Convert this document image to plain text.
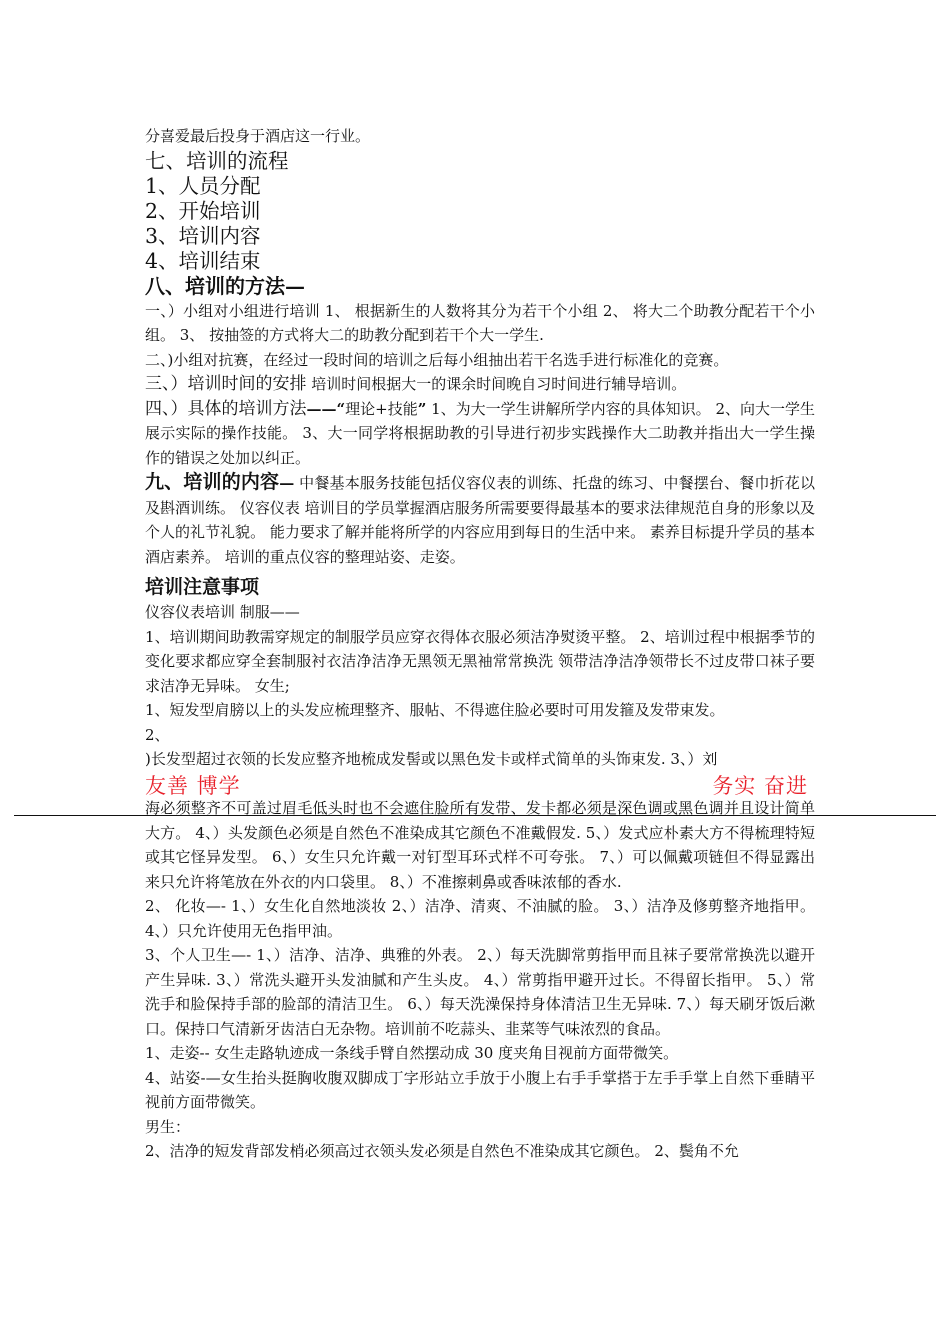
分喜爱最后投身于酒店这一行业。

七、培训的流程

1、人员分配

2、开始培训

3、培训内容

4、培训结束

八、培训的方法—

一、）小组对小组进行培训 1、 根据新生的人数将其分为若干个小组 2、 将大二个助教分配若干个小组。 3、 按抽签的方式将大二的助教分配到若干个大一学生.

二、)小组对抗赛，在经过一段时间的培训之后每小组抽出若干名选手进行标准化的竞赛。

三、）培训时间的安排 培训时间根据大一的课余时间晚自习时间进行辅导培训。

四、）具体的培训方法——“理论+技能” 1、为大一学生讲解所学内容的具体知识。 2、向大一学生展示实际的操作技能。 3、大一同学将根据助教的引导进行初步实践操作大二助教并指出大一学生操作的错误之处加以纠正。

九、培训的内容— 中餐基本服务技能包括仪容仪表的训练、托盘的练习、中餐摆台、餐巾折花以及斟酒训练。 仪容仪表 培训目的学员掌握酒店服务所需要要得最基本的要求法律规范自身的形象以及个人的礼节礼貌。 能力要求了解并能将所学的内容应用到每日的生活中来。 素养目标提升学员的基本酒店素养。 培训的重点仪容的整理站姿、走姿。

培训注意事项

仪容仪表培训 制服——

1、培训期间助教需穿规定的制服学员应穿衣得体衣服必须洁净熨烫平整。 2、培训过程中根据季节的变化要求都应穿全套制服衬衣洁净洁净无黑领无黑袖常常换洗 领带洁净洁净领带长不过皮带口袜子要求洁净无异味。 女生;

1、短发型肩膀以上的头发应梳理整齐、服帖、不得遮住脸必要时可用发箍及发带束发。

2、

)长发型超过衣领的长发应整齐地梳成发髻或以黑色发卡或样式简单的头饰束发. 3、）刘

友善 博学	务实 奋进

海必须整齐不可盖过眉毛低头时也不会遮住脸所有发带、发卡都必须是深色调或黑色调并且设计简单大方。 4、）头发颜色必须是自然色不准染成其它颜色不准戴假发. 5、）发式应朴素大方不得梳理特短或其它怪异发型。 6、）女生只允许戴一对钉型耳环式样不可夸张。 7、）可以佩戴项链但不得显露出来只允许将笔放在外衣的内口袋里。 8、）不准擦刺鼻或香味浓郁的香水.

2、 化妆—- 1、）女生化自然地淡妆 2、）洁净、清爽、不油腻的脸。 3、）洁净及修剪整齐地指甲。 4、）只允许使用无色指甲油。

3、个人卫生—- 1、）洁净、洁净、典雅的外表。 2、）每天洗脚常剪指甲而且袜子要常常换洗以避开产生异味. 3、）常洗头避开头发油腻和产生头皮。 4、）常剪指甲避开过长。不得留长指甲。 5、）常洗手和脸保持手部的脸部的清洁卫生。 6、）每天洗澡保持身体清洁卫生无异味. 7、）每天刷牙饭后漱口。保持口气清新牙齿洁白无杂物。培训前不吃蒜头、韭菜等气味浓烈的食品。

1、走姿-- 女生走路轨迹成一条线手臂自然摆动成 30 度夹角目视前方面带微笑。

4、站姿-—女生抬头挺胸收腹双脚成丁字形站立手放于小腹上右手手掌搭于左手手掌上自然下垂睛平视前方面带微笑。

男生：

2、洁净的短发背部发梢必须高过衣领头发必须是自然色不准染成其它颜色。 2、鬓角不允
